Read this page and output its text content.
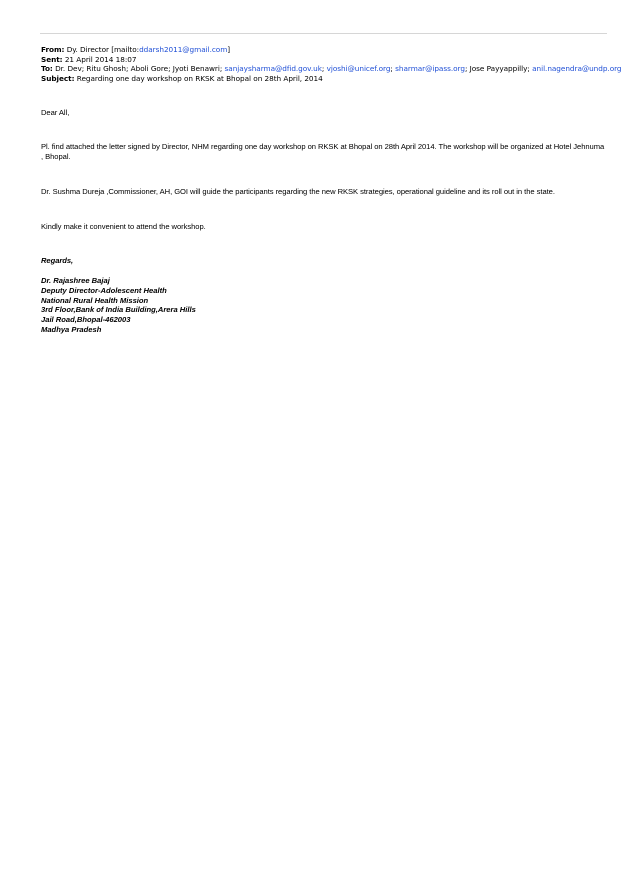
From: Dy. Director [mailto:ddarsh2011@gmail.com]
Sent: 21 April 2014 18:07
To: Dr. Dev; Ritu Ghosh; Aboli Gore; Jyoti Benawri; sanjaysharma@dfid.gov.uk; vjoshi@unicef.org; sharmar@ipass.org; Jose Payyappilly; anil.nagendra@undp.org
Subject: Regarding one day workshop on RKSK at Bhopal on 28th April, 2014
Dear All,
Pl. find attached the letter signed by Director, NHM regarding one day workshop on RKSK at Bhopal on 28th April 2014. The workshop will be organized at Hotel Jehnuma , Bhopal.
Dr. Sushma Dureja ,Commissioner, AH, GOI will guide the participants regarding the new RKSK strategies, operational guideline and its roll out in the state.
Kindly make it convenient to attend the workshop.
Regards,
Dr. Rajashree Bajaj
Deputy Director-Adolescent Health
National Rural Health Mission
3rd Floor,Bank of India Building,Arera Hills
Jail Road,Bhopal-462003
Madhya Pradesh
